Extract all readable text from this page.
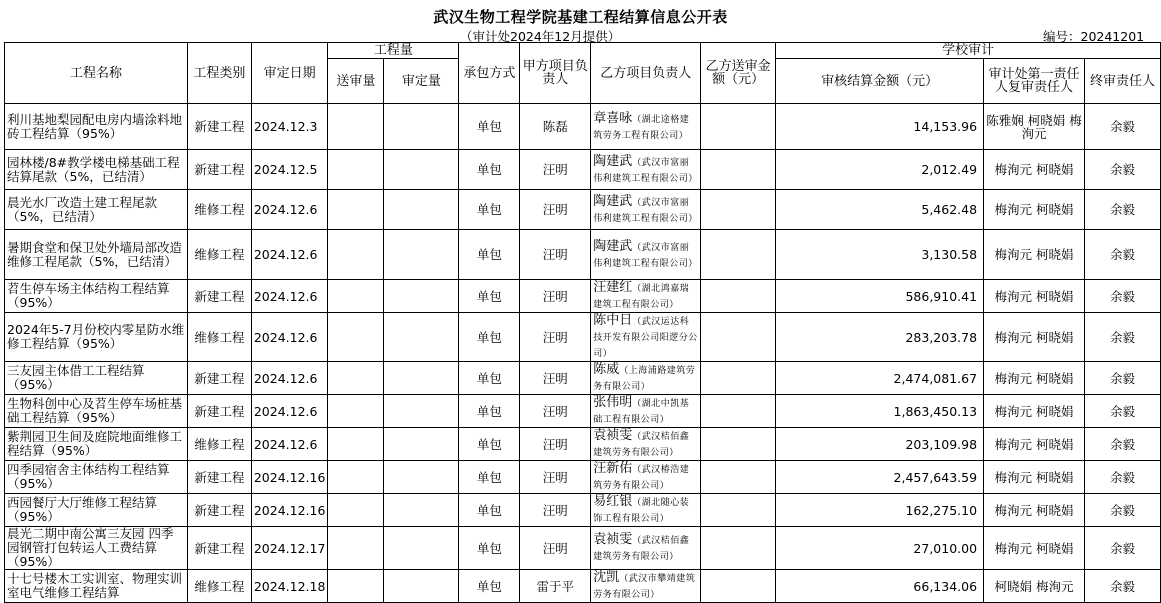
武汉生物工程学院基建工程结算信息公开表
（审计处2024年12月提供）	编号：20241201
工程名称	工程类别	审定日期	工程量		承包方式	甲方项目负责人	乙方项目负责人	乙方送审金额（元）	学校审计		
			送审量	审定量					审核结算金额（元）	审计处第一责任人复审责任人	终审责任人
利川基地梨园配电房内墙涂料地砖工程结算（95%）	新建工程	2024.12.3			单包	陈磊	章喜咏（湖北途格建筑劳务工程有限公司）		14,153.96	陈雅娴 柯晓娟 梅洵元	余毅
园林楼/8#教学楼电梯基础工程结算尾款（5%，已结清）	新建工程	2024.12.5			单包	汪明	陶建武（武汉市富丽伟利建筑工程有限公司）		2,012.49	梅洵元 柯晓娟	余毅
晨光水厂改造土建工程尾款（5%，已结清）	维修工程	2024.12.6			单包	汪明	陶建武（武汉市富丽伟利建筑工程有限公司）		5,462.48	梅洵元 柯晓娟	余毅
暑期食堂和保卫处外墙局部改造维修工程尾款（5%，已结清）	维修工程	2024.12.6			单包	汪明	陶建武（武汉市富丽伟利建筑工程有限公司）		3,130.58	梅洵元 柯晓娟	余毅
苕生停车场主体结构工程结算（95%）	新建工程	2024.12.6			单包	汪明	汪建红（湖北鸿嘉瑞建筑工程有限公司）		586,910.41	梅洵元 柯晓娟	余毅
2024年5-7月份校内零星防水维修工程结算（95%）	维修工程	2024.12.6			单包	汪明	陈中日（武汉运达科技开发有限公司阳逻分公司）		283,203.78	梅洵元 柯晓娟	余毅
三友园主体借工工程结算（95%）	新建工程	2024.12.6			单包	汪明	陈威（上海浦路建筑劳务有限公司）		2,474,081.67	梅洵元 柯晓娟	余毅
生物科创中心及苕生停车场桩基础工程结算（95%）	新建工程	2024.12.6			单包	汪明	张伟明（湖北中凯基础工程有限公司）		1,863,450.13	梅洵元 柯晓娟	余毅
紫荆园卫生间及庭院地面维修工程结算（95%）	维修工程	2024.12.6			单包	汪明	袁祯雯（武汉桔佰鑫建筑劳务有限公司）		203,109.98	梅洵元 柯晓娟	余毅
四季园宿舍主体结构工程结算（95%）	新建工程	2024.12.16			单包	汪明	汪新佑（武汉椿浩建筑劳务有限公司）		2,457,643.59	梅洵元 柯晓娟	余毅
西园餐厅大厅维修工程结算（95%）	新建工程	2024.12.16			单包	汪明	易红银（湖北随心装饰工程有限公司）		162,275.10	梅洵元 柯晓娟	余毅
晨光二期中南公寓三友园 四季园钢管打包转运人工费结算（95%）	新建工程	2024.12.17			单包	汪明	袁祯雯（武汉桔佰鑫建筑劳务有限公司）		27,010.00	梅洵元 柯晓娟	余毅
十七号楼木工实训室、物理实训室电气维修工程结算	维修工程	2024.12.18			单包	雷于平	沈凯（武汉市攀靖建筑劳务有限公司）		66,134.06	柯晓娟 梅洵元	余毅
